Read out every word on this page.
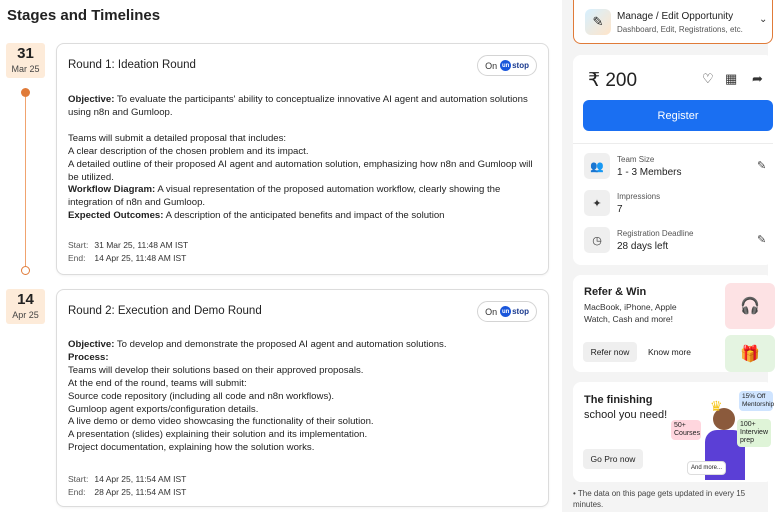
Stages and Timelines
31
Mar 25	Round 1: Ideation Round	On un stop

Objective: To evaluate the participants' ability to conceptualize innovative AI agent and automation solutions using n8n and Gumloop.

Teams will submit a detailed proposal that includes:

A clear description of the chosen problem and its impact.

A detailed outline of their proposed AI agent and automation solution, emphasizing how n8n and Gumloop will be utilized.

Workflow Diagram: A visual representation of the proposed automation workflow, clearly showing the integration of n8n and Gumloop.

Expected Outcomes: A description of the anticipated benefits and impact of the solution

Start: 31 Mar 25, 11:48 AM IST
End: 14 Apr 25, 11:48 AM IST
14
Apr 25	Round 2: Execution and Demo Round	On un stop

Objective: To develop and demonstrate the proposed AI agent and automation solutions.

Process:

Teams will develop their solutions based on their approved proposals.

At the end of the round, teams will submit:

Source code repository (including all code and n8n workflows).

Gumloop agent exports/configuration details.

A live demo or demo video showcasing the functionality of their solution.

A presentation (slides) explaining their solution and its implementation.

Project documentation, explaining how the solution works.

Start: 14 Apr 25, 11:54 AM IST
End: 28 Apr 25, 11:54 AM IST
✎	Manage / Edit Opportunity
Dashboard, Edit, Registrations, etc.
⌄
₹ 200	♡ ▦ ➦
Register
👥
Team Size
1 - 3 Members
✎
✦
Impressions
7
◷
Registration Deadline
28 days left
✎
Refer & Win
MacBook, iPhone, Apple Watch, Cash and more!
Refer now	Know more
🎧
🎁
The finishing school you need!
Go Pro now
♛
15% Off Mentorship
50+ Courses
100+ Interview prep
And more...
• The data on this page gets updated in every 15 minutes.
